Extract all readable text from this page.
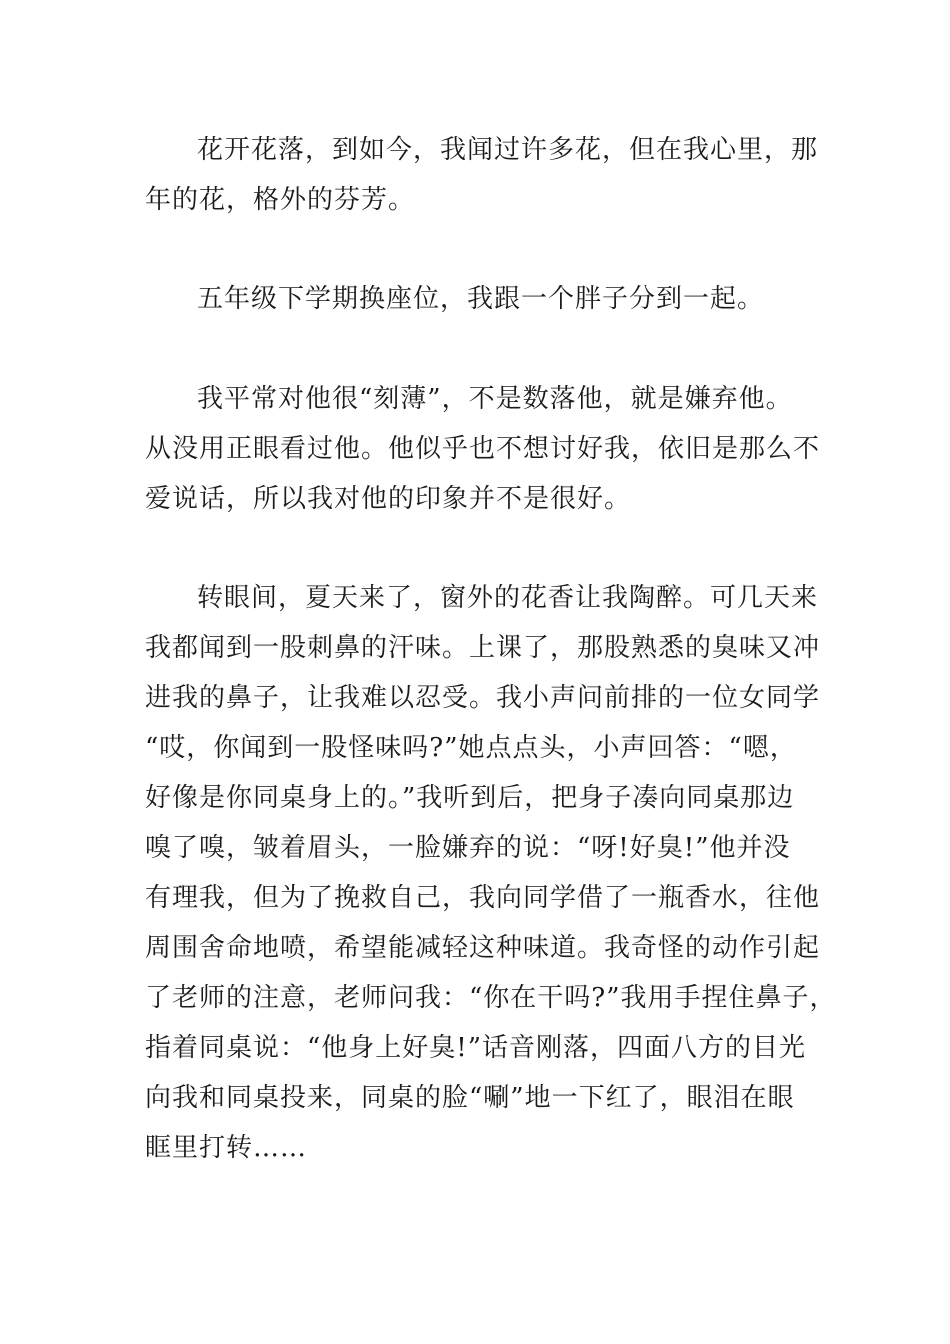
花开花落，到如今，我闻过许多花，但在我心里，那

年的花，格外的芬芳。

五年级下学期换座位，我跟一个胖子分到一起。

我平常对他很“刻薄”，不是数落他，就是嫌弃他。

从没用正眼看过他。他似乎也不想讨好我，依旧是那么不

爱说话，所以我对他的印象并不是很好。

转眼间，夏天来了，窗外的花香让我陶醉。可几天来

我都闻到一股刺鼻的汗味。上课了，那股熟悉的臭味又冲

进我的鼻子，让我难以忍受。我小声问前排的一位女同学

“哎，你闻到一股怪味吗?”她点点头，小声回答：“嗯，

好像是你同桌身上的。”我听到后，把身子凑向同桌那边

嗅了嗅，皱着眉头，一脸嫌弃的说：“呀!好臭!”他并没

有理我，但为了挽救自己，我向同学借了一瓶香水，往他

周围舍命地喷，希望能减轻这种味道。我奇怪的动作引起

了老师的注意，老师问我：“你在干吗?”我用手捏住鼻子，

指着同桌说：“他身上好臭!”话音刚落，四面八方的目光

向我和同桌投来，同桌的脸“唰”地一下红了，眼泪在眼

眶里打转……
